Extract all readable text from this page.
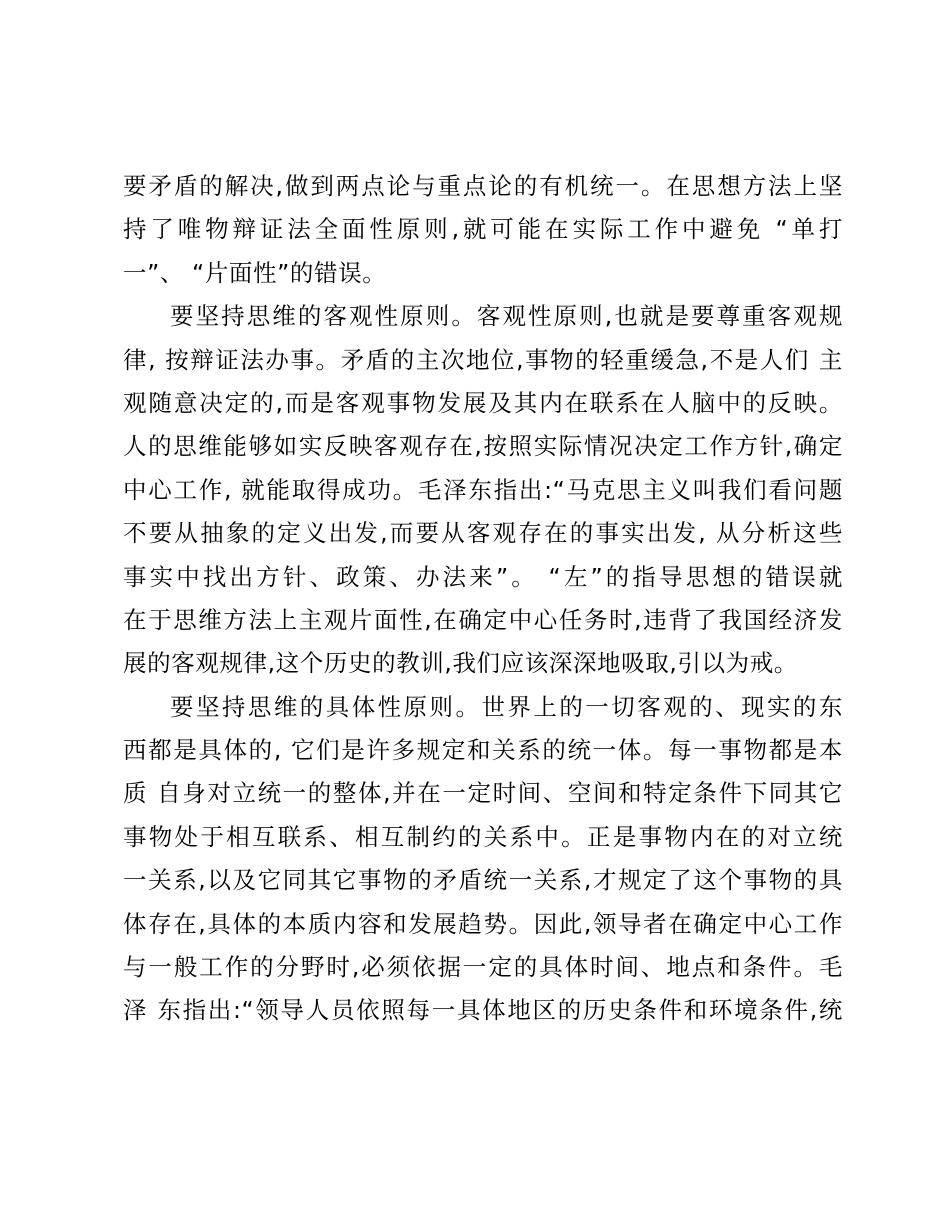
要矛盾的解决,做到两点论与重点论的有机统一。在思想方法上坚
持了唯物辩证法全面性原则,就可能在实际工作中避免 “单打
一”、 “片面性”的错误。
要坚持思维的客观性原则。客观性原则,也就是要尊重客观规
律, 按辩证法办事。矛盾的主次地位,事物的轻重缓急,不是人们 主
观随意决定的,而是客观事物发展及其内在联系在人脑中的反映。
人的思维能够如实反映客观存在,按照实际情况决定工作方针,确定
中心工作, 就能取得成功。毛泽东指出:“马克思主义叫我们看问题
不要从抽象的定义出发,而要从客观存在的事实出发, 从分析这些
事实中找出方针、政策、办法来”。 “左”的指导思想的错误就
在于思维方法上主观片面性,在确定中心任务时,违背了我国经济发
展的客观规律,这个历史的教训,我们应该深深地吸取,引以为戒。
要坚持思维的具体性原则。世界上的一切客观的、现实的东
西都是具体的, 它们是许多规定和关系的统一体。每一事物都是本
质 自身对立统一的整体,并在一定时间、空间和特定条件下同其它
事物处于相互联系、相互制约的关系中。正是事物内在的对立统
一关系,以及它同其它事物的矛盾统一关系,才规定了这个事物的具
体存在,具体的本质内容和发展趋势。因此,领导者在确定中心工作
与一般工作的分野时,必须依据一定的具体时间、地点和条件。毛
泽 东指出:“领导人员依照每一具体地区的历史条件和环境条件,统
